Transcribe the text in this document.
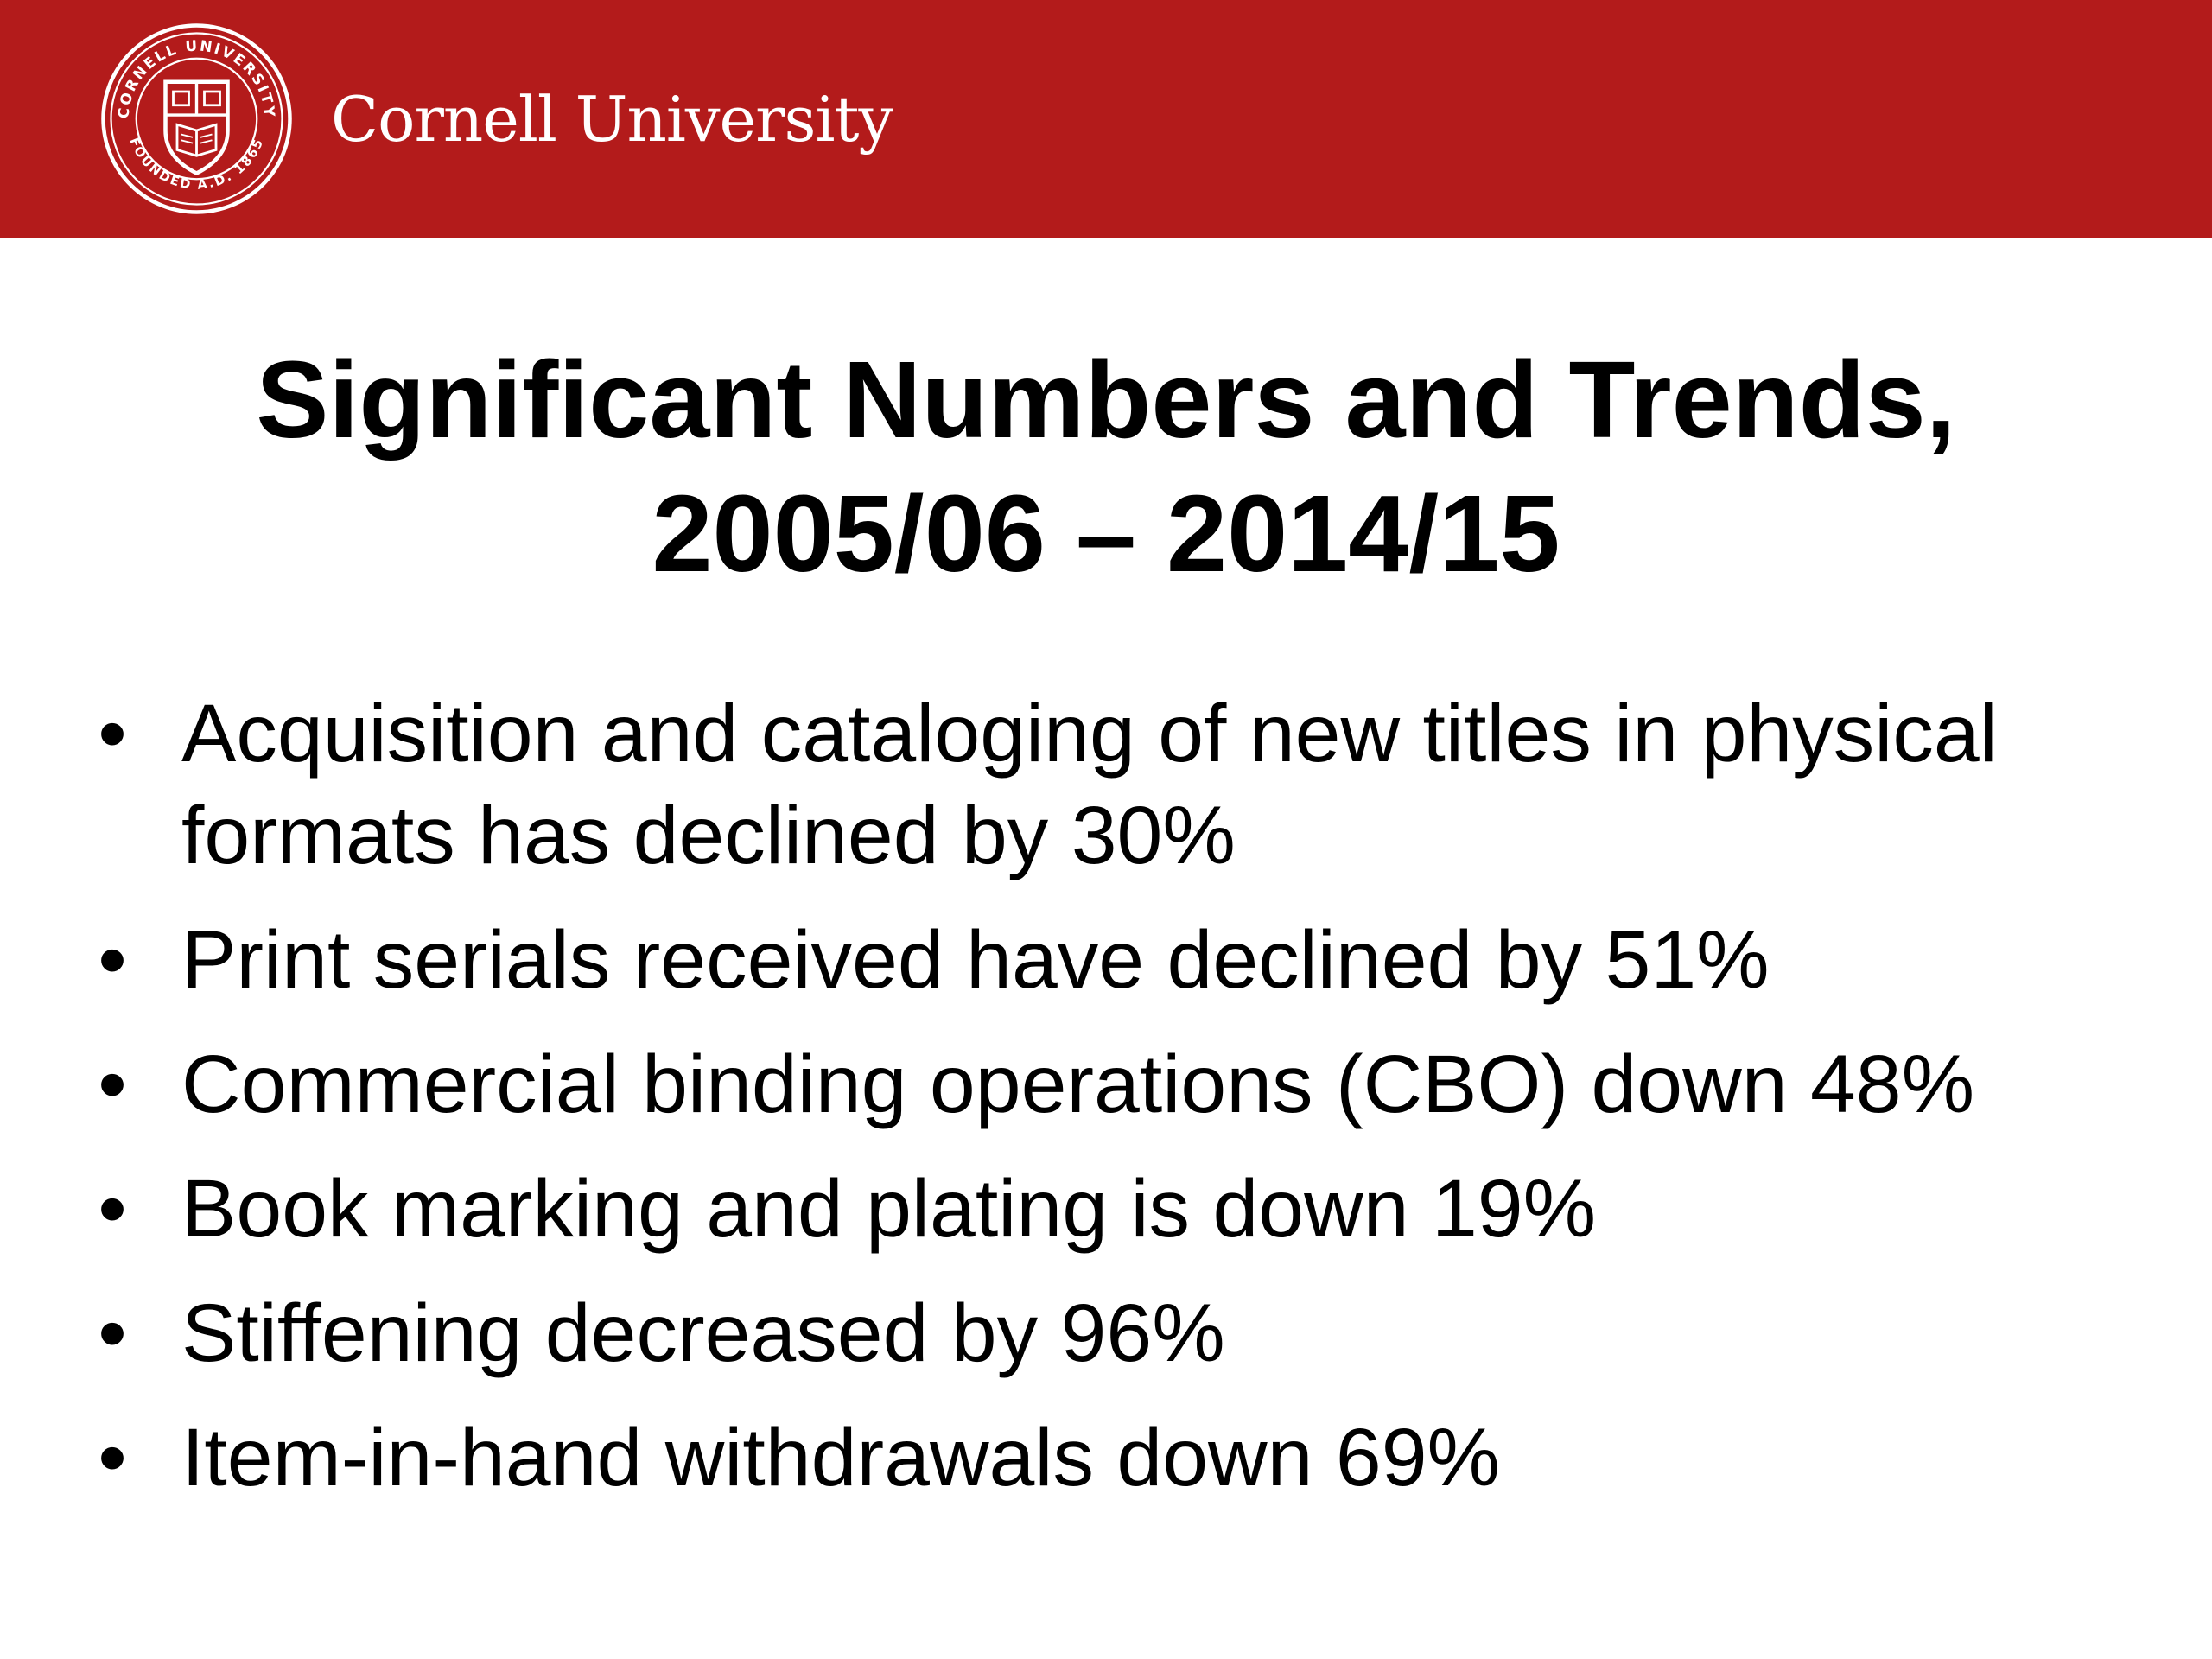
CORNELL UNIVERSITY
FOUNDED A.D. 1865 Cornell University
Significant Numbers and Trends,
2005/06 – 2014/15
• Acquisition and cataloging of new titles in physical formats has declined by 30%
• Print serials received have declined by 51%
• Commercial binding operations (CBO) down 48%
• Book marking and plating is down 19%
• Stiffening decreased by 96%
• Item-in-hand withdrawals down 69%
